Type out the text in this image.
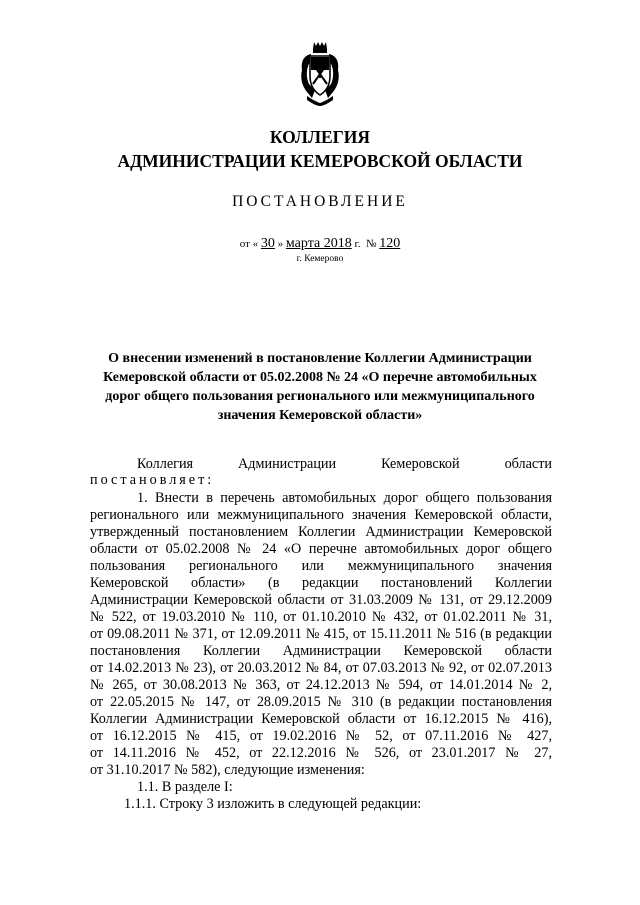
КОЛЛЕГИЯ
АДМИНИСТРАЦИИ КЕМЕРОВСКОЙ ОБЛАСТИ
ПОСТАНОВЛЕНИЕ
от « 30 » марта 2018 г. № 120
г. Кемерово
О внесении изменений в постановление Коллегии Администрации
Кемеровской области от 05.02.2008 № 24 «О перечне автомобильных
дорог общего пользования регионального или межмуниципального
значения Кемеровской области»
Коллегия Администрации Кемеровской области
постановляет:
1. Внести в перечень автомобильных дорог общего пользования
регионального или межмуниципального значения Кемеровской области,
утвержденный постановлением Коллегии Администрации Кемеровской
области от 05.02.2008 № 24 «О перечне автомобильных дорог общего
пользования регионального или межмуниципального значения
Кемеровской области» (в редакции постановлений Коллегии
Администрации Кемеровской области от 31.03.2009 № 131, от 29.12.2009
№ 522, от 19.03.2010 № 110, от 01.10.2010 № 432, от 01.02.2011 № 31,
от 09.08.2011 № 371, от 12.09.2011 № 415, от 15.11.2011 № 516 (в редакции
постановления Коллегии Администрации Кемеровской области
от 14.02.2013 № 23), от 20.03.2012 № 84, от 07.03.2013 № 92, от 02.07.2013
№ 265, от 30.08.2013 № 363, от 24.12.2013 № 594, от 14.01.2014 № 2,
от 22.05.2015 № 147, от 28.09.2015 № 310 (в редакции постановления
Коллегии Администрации Кемеровской области от 16.12.2015 № 416),
от 16.12.2015 № 415, от 19.02.2016 № 52, от 07.11.2016 № 427,
от 14.11.2016 № 452, от 22.12.2016 № 526, от 23.01.2017 № 27,
от 31.10.2017 № 582), следующие изменения:
1.1. В разделе I:
1.1.1. Строку 3 изложить в следующей редакции:
